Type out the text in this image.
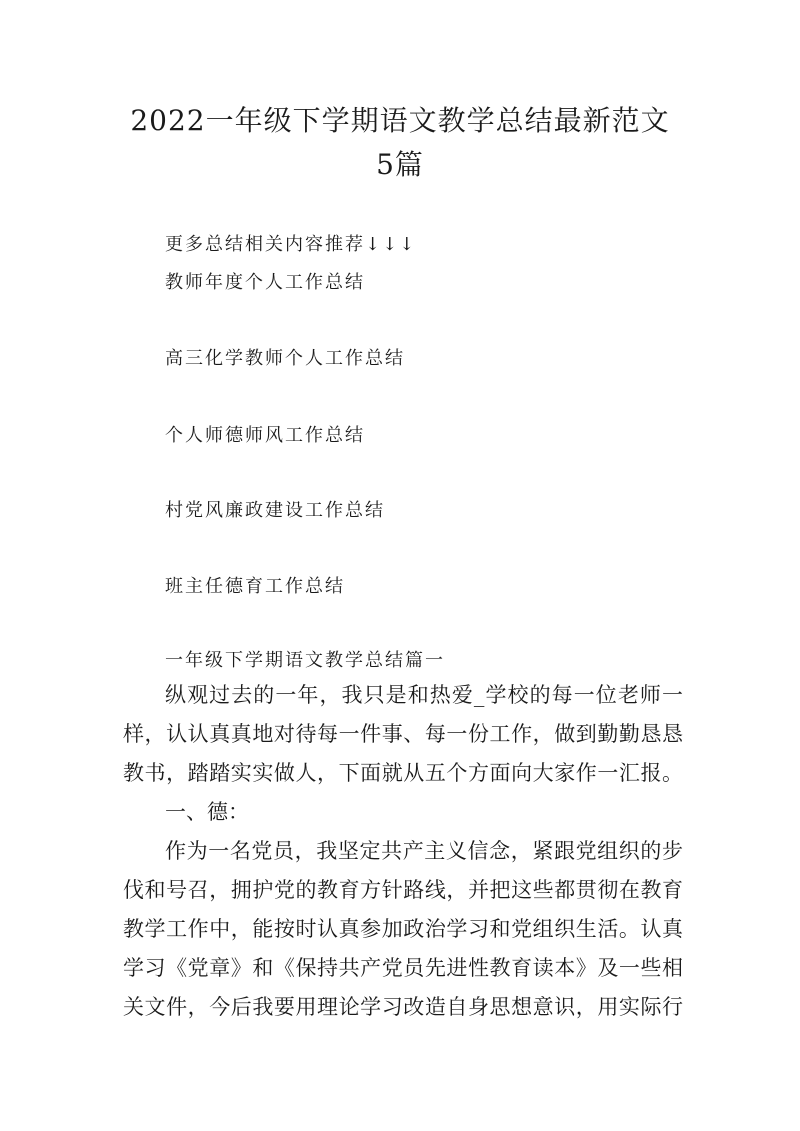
2022一年级下学期语文教学总结最新范文
5篇
更多总结相关内容推荐↓↓↓
教师年度个人工作总结
高三化学教师个人工作总结
个人师德师风工作总结
村党风廉政建设工作总结
班主任德育工作总结
一年级下学期语文教学总结篇一
纵观过去的一年，我只是和热爱_学校的每一位老师一
样，认认真真地对待每一件事、每一份工作，做到勤勤恳恳
教书，踏踏实实做人，下面就从五个方面向大家作一汇报。
一、德：
作为一名党员，我坚定共产主义信念，紧跟党组织的步
伐和号召，拥护党的教育方针路线，并把这些都贯彻在教育
教学工作中，能按时认真参加政治学习和党组织生活。认真
学习《党章》和《保持共产党员先进性教育读本》及一些相
关文件，今后我要用理论学习改造自身思想意识，用实际行
